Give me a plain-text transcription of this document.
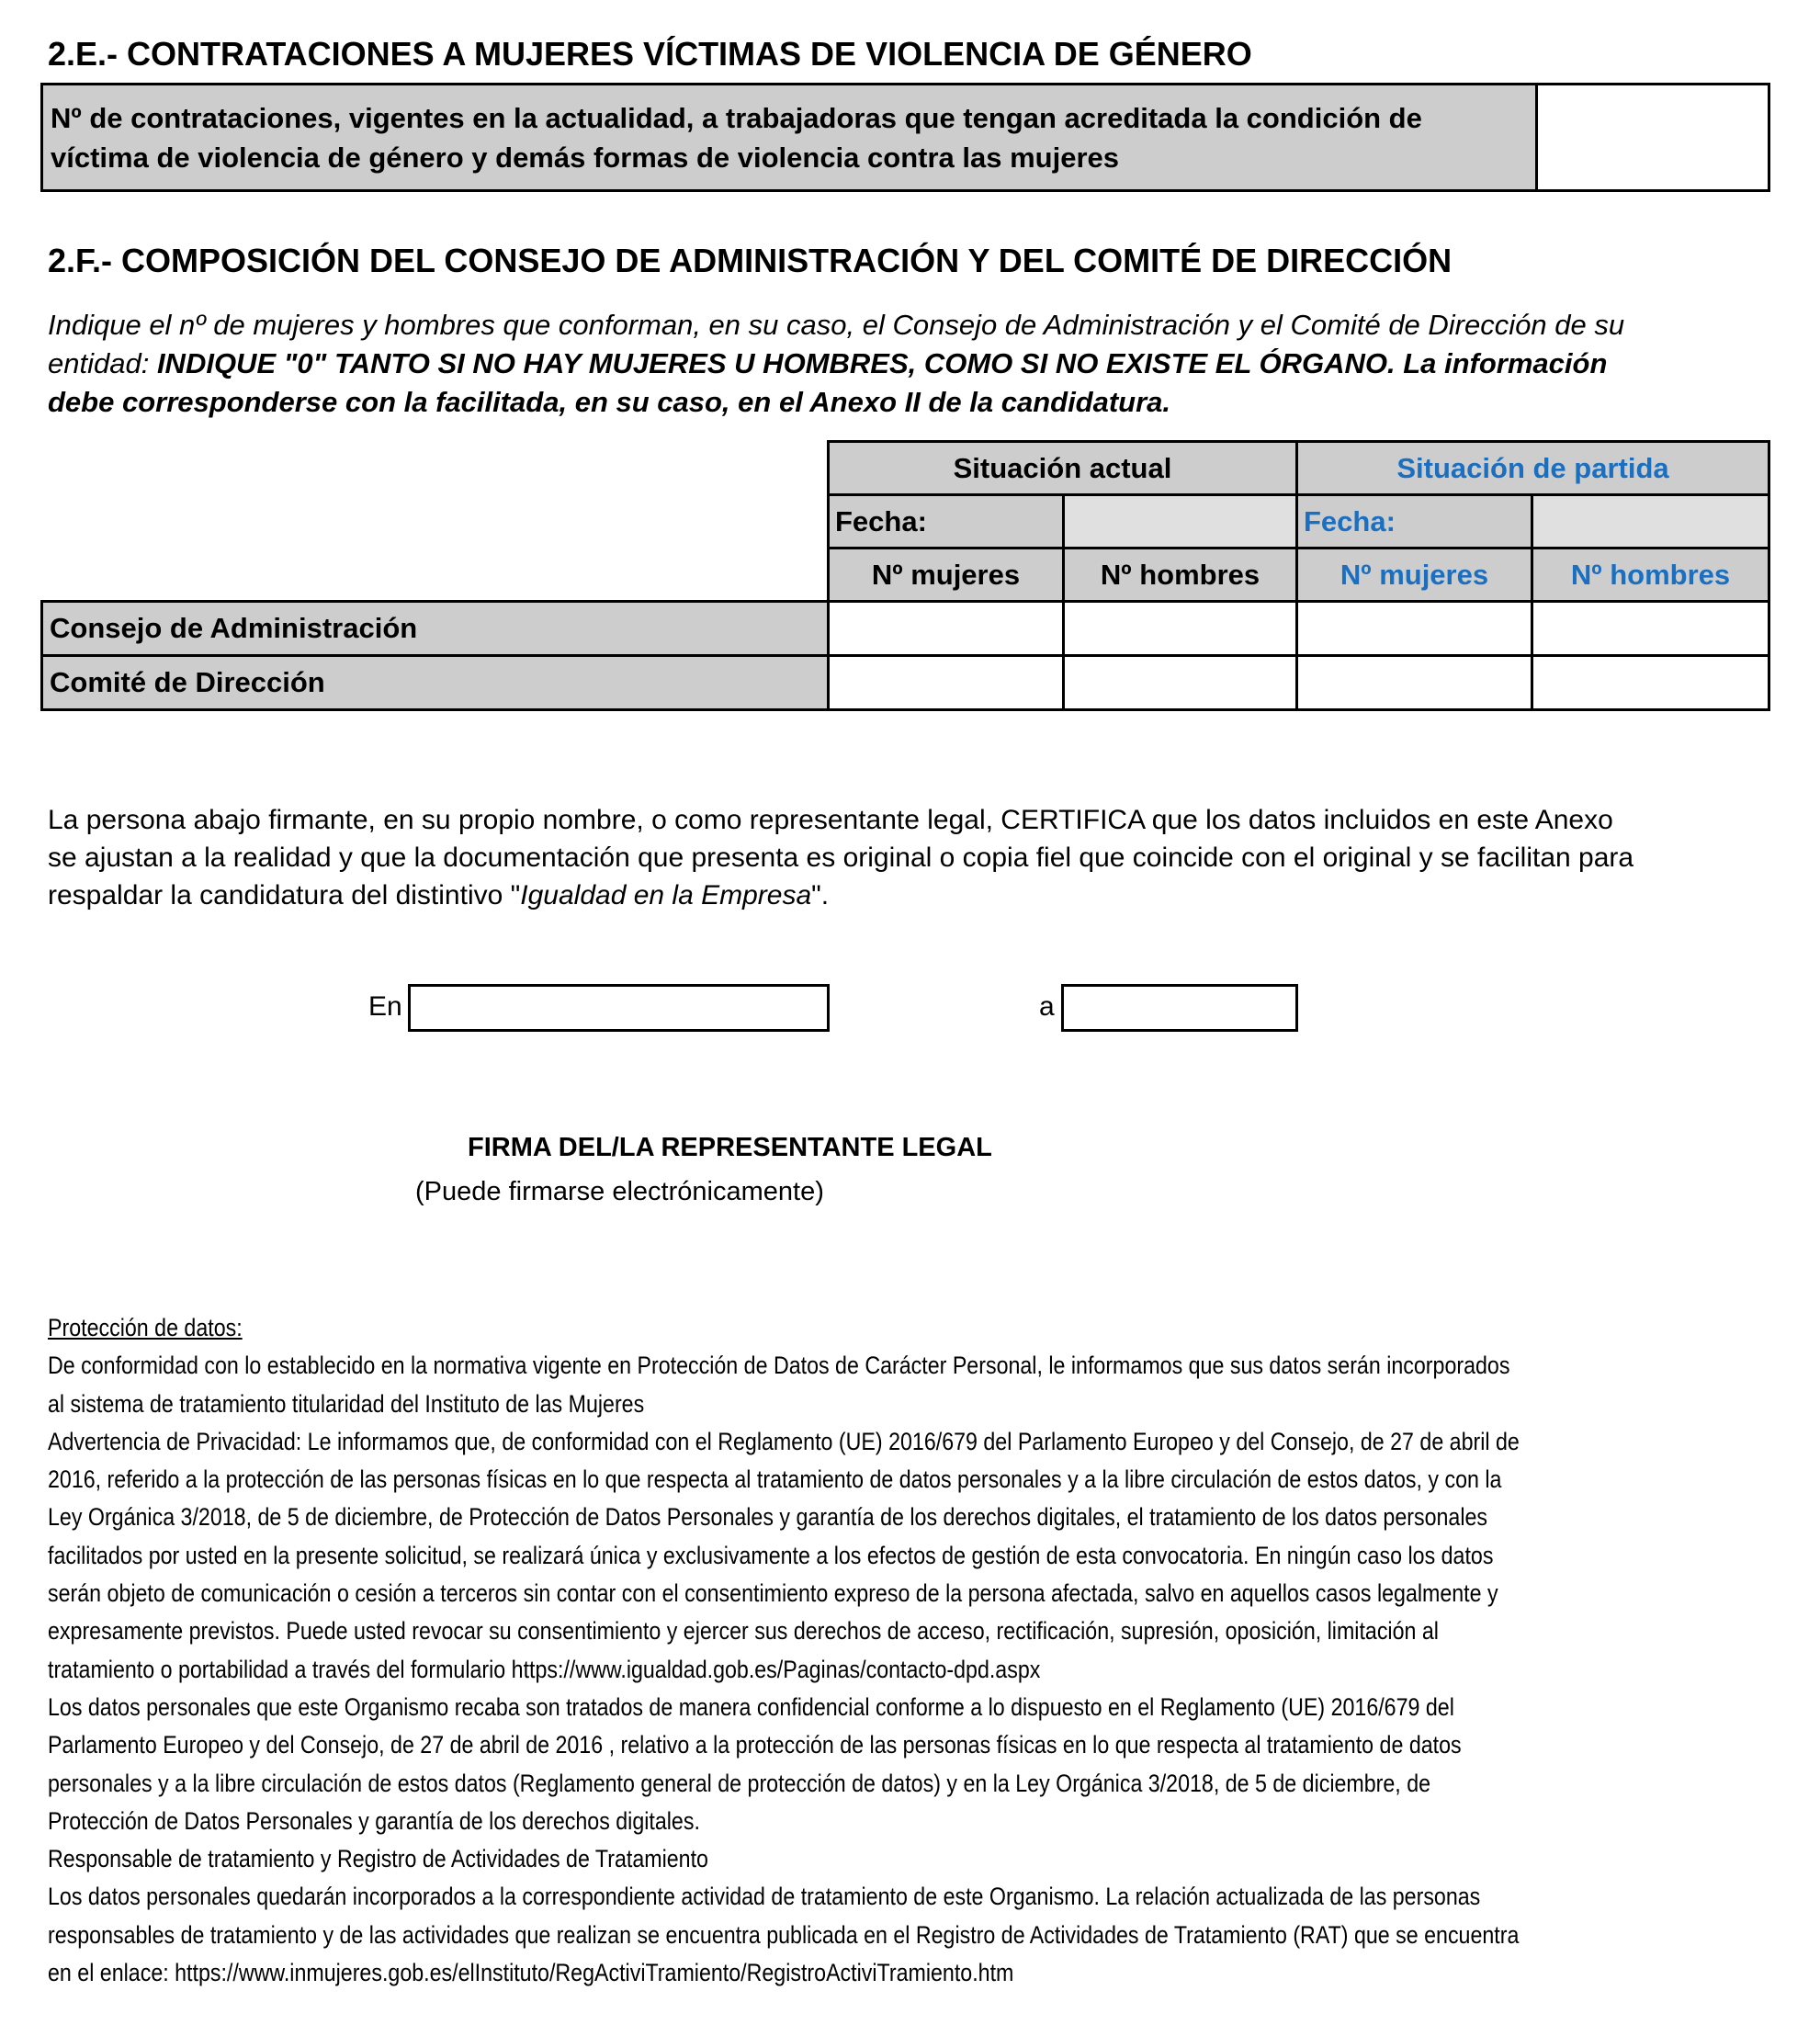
2.E.- CONTRATACIONES A MUJERES VÍCTIMAS DE VIOLENCIA DE GÉNERO
Nº de contrataciones, vigentes en la actualidad, a trabajadoras que tengan acreditada la condición de
víctima de violencia de género y demás formas de violencia contra las mujeres
2.F.- COMPOSICIÓN DEL CONSEJO DE ADMINISTRACIÓN Y DEL COMITÉ DE DIRECCIÓN
Indique el nº de mujeres y hombres que conforman, en su caso, el Consejo de Administración y el Comité de Dirección de su
entidad: INDIQUE "0" TANTO SI NO HAY MUJERES U HOMBRES, COMO SI NO EXISTE EL ÓRGANO. La información
debe corresponderse con la facilitada, en su caso, en el Anexo II de la candidatura.
Situación actual	Situación de partida
Fecha:	Fecha:
Nº mujeres	Nº hombres	Nº mujeres	Nº hombres
Consejo de Administración
Comité de Dirección
La persona abajo firmante, en su propio nombre, o como representante legal, CERTIFICA que los datos incluidos en este Anexo
se ajustan a la realidad y que la documentación que presenta es original o copia fiel que coincide con el original y se facilitan para
respaldar la candidatura del distintivo "Igualdad en la Empresa".
En	a
FIRMA DEL/LA REPRESENTANTE LEGAL
(Puede firmarse electrónicamente)
Protección de datos:
De conformidad con lo establecido en la normativa vigente en Protección de Datos de Carácter Personal, le informamos que sus datos serán incorporados
al sistema de tratamiento titularidad del Instituto de las Mujeres
Advertencia de Privacidad: Le informamos que, de conformidad con el Reglamento (UE) 2016/679 del Parlamento Europeo y del Consejo, de 27 de abril de
2016, referido a la protección de las personas físicas en lo que respecta al tratamiento de datos personales y a la libre circulación de estos datos, y con la
Ley Orgánica 3/2018, de 5 de diciembre, de Protección de Datos Personales y garantía de los derechos digitales, el tratamiento de los datos personales
facilitados por usted en la presente solicitud, se realizará única y exclusivamente a los efectos de gestión de esta convocatoria. En ningún caso los datos
serán objeto de comunicación o cesión a terceros sin contar con el consentimiento expreso de la persona afectada, salvo en aquellos casos legalmente y
expresamente previstos. Puede usted revocar su consentimiento y ejercer sus derechos de acceso, rectificación, supresión, oposición, limitación al
tratamiento o portabilidad a través del formulario https://www.igualdad.gob.es/Paginas/contacto-dpd.aspx
Los datos personales que este Organismo recaba son tratados de manera confidencial conforme a lo dispuesto en el Reglamento (UE) 2016/679 del
Parlamento Europeo y del Consejo, de 27 de abril de 2016 , relativo a la protección de las personas físicas en lo que respecta al tratamiento de datos
personales y a la libre circulación de estos datos (Reglamento general de protección de datos) y en la Ley Orgánica 3/2018, de 5 de diciembre, de
Protección de Datos Personales y garantía de los derechos digitales.
Responsable de tratamiento y Registro de Actividades de Tratamiento
Los datos personales quedarán incorporados a la correspondiente actividad de tratamiento de este Organismo. La relación actualizada de las personas
responsables de tratamiento y de las actividades que realizan se encuentra publicada en el Registro de Actividades de Tratamiento (RAT) que se encuentra
en el enlace: https://www.inmujeres.gob.es/elInstituto/RegActiviTramiento/RegistroActiviTramiento.htm
